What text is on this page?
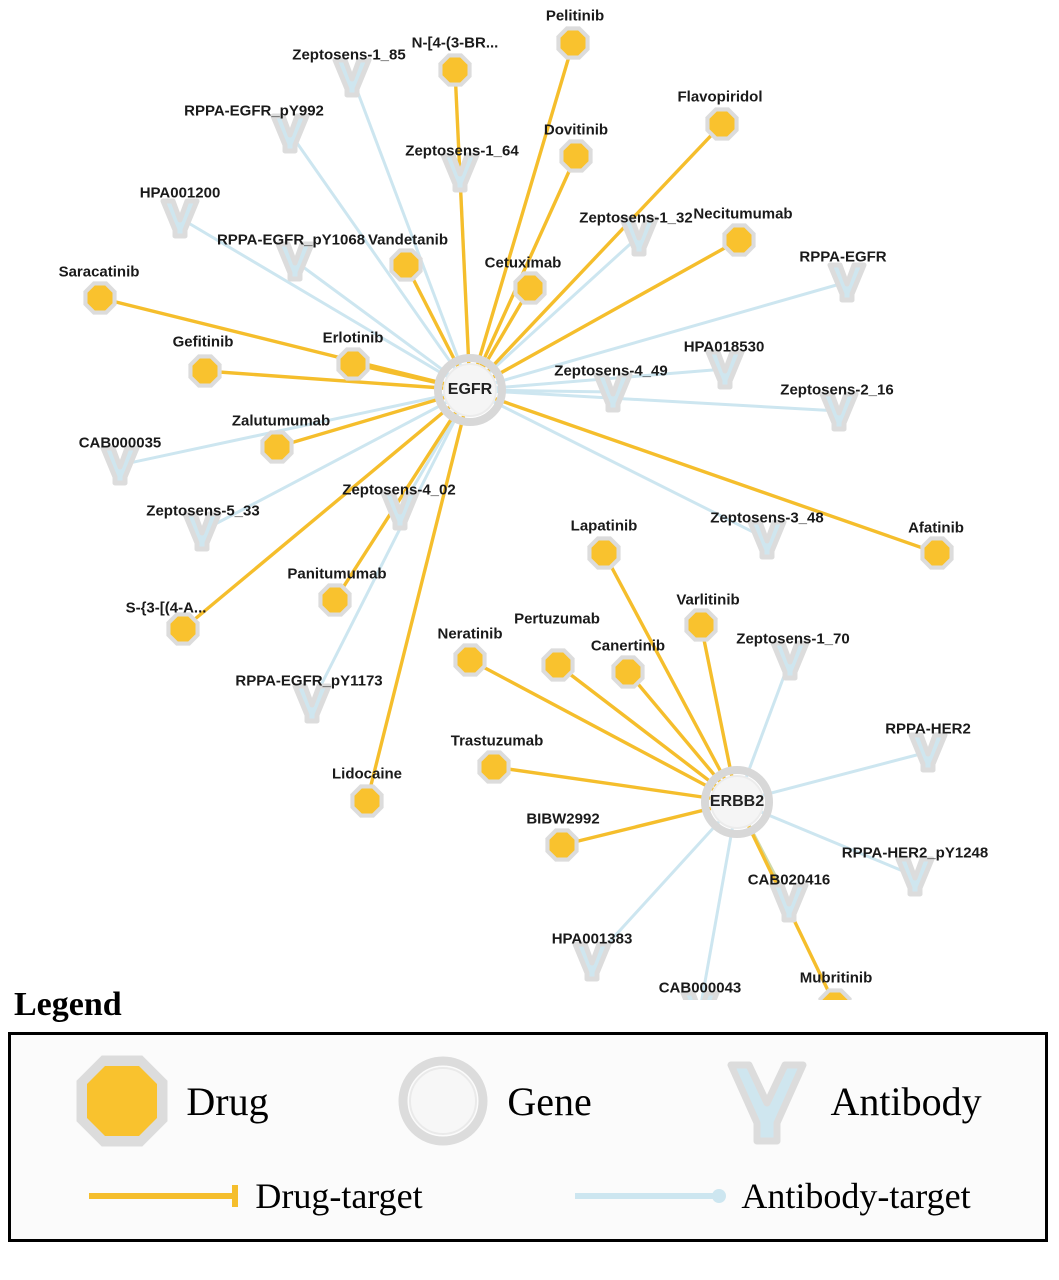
Pelitinib
N-[4-(3-BR...
Flavopiridol
Dovitinib
Necitumumab
Vandetanib
Cetuximab
Saracatinib
Erlotinib
Gefitinib
Zalutumumab
Afatinib
Lapatinib
Panitumumab
Varlitinib
S-{3-[(4-A...
Neratinib
Pertuzumab
Canertinib
Trastuzumab
Lidocaine
BIBW2992
Mubritinib
Zeptosens-1_85
RPPA-EGFR_pY992
Zeptosens-1_64
HPA001200
Zeptosens-1_32
RPPA-EGFR_pY1068
RPPA-EGFR
HPA018530
Zeptosens-4_49
Zeptosens-2_16
CAB000035
Zeptosens-4_02
Zeptosens-5_33	Zeptosens-3_48
Zeptosens-1_70
RPPA-EGFR_pY1173
RPPA-HER2
RPPA-HER2_pY1248
CAB020416
HPA001383
CAB000043
EGFR
ERBB2
Legend
Drug	Gene	Antibody
Drug-target	Antibody-target
